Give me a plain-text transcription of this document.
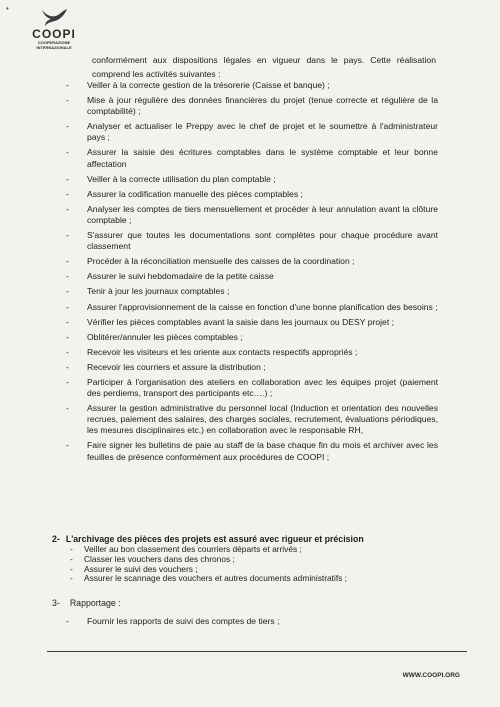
•
COOPI
COOPERAZIONE
INTERNAZIONALE
conformément aux dispositions légales en vigueur dans le pays. Cette réalisation comprend les activités suivantes :
- Veiller à la correcte gestion de la trésorerie (Caisse et banque) ;
- Mise à jour régulière des données financières du projet (tenue correcte et régulière de la comptabilité) ;
- Analyser et actualiser le Preppy avec le chef de projet et le soumettre à l'administrateur pays ;
- Assurer la saisie des écritures comptables dans le système comptable et leur bonne affectation
- Veiller à la correcte utilisation du plan comptable ;
- Assurer la codification manuelle des pièces comptables ;
- Analyser les comptes de tiers mensuellement et procéder à leur annulation avant la clôture comptable ;
- S'assurer que toutes les documentations sont complètes pour chaque procédure avant classement
- Procéder à la réconciliation mensuelle des caisses de la coordination ;
- Assurer le suivi hebdomadaire de la petite caisse
- Tenir à jour les journaux comptables ;
- Assurer l'approvisionnement de la caisse en fonction d'une bonne planification des besoins ;
- Vérifier les pièces comptables avant la saisie dans les journaux ou DESY projet ;
- Oblitérer/annuler les pièces comptables ;
- Recevoir les visiteurs et les oriente aux contacts respectifs appropriés ;
- Recevoir les courriers et assure la distribution ;
- Participer à l'organisation des ateliers en collaboration avec les équipes projet (paiement des perdiems, transport des participants etc.…) ;
- Assurer la gestion administrative du personnel local (Induction et orientation des nouvelles recrues, paiement des salaires, des charges sociales, recrutement, évaluations périodiques, les mesures disciplinaires etc.) en collaboration avec le responsable RH,
- Faire signer les bulletins de paie au staff de la base chaque fin du mois et archiver avec les feuilles de présence conformément aux procédures de COOPI ;
2- L'archivage des pièces des projets est assuré avec rigueur et précision
- Veiller au bon classement des courriers départs et arrivés ;
- Classer les vouchers dans des chronos ;
- Assurer le suivi des vouchers ;
- Assurer le scannage des vouchers et autres documents administratifs ;
3- Rapportage :
- Fournir les rapports de suivi des comptes de tiers ;
WWW.COOPI.ORG
